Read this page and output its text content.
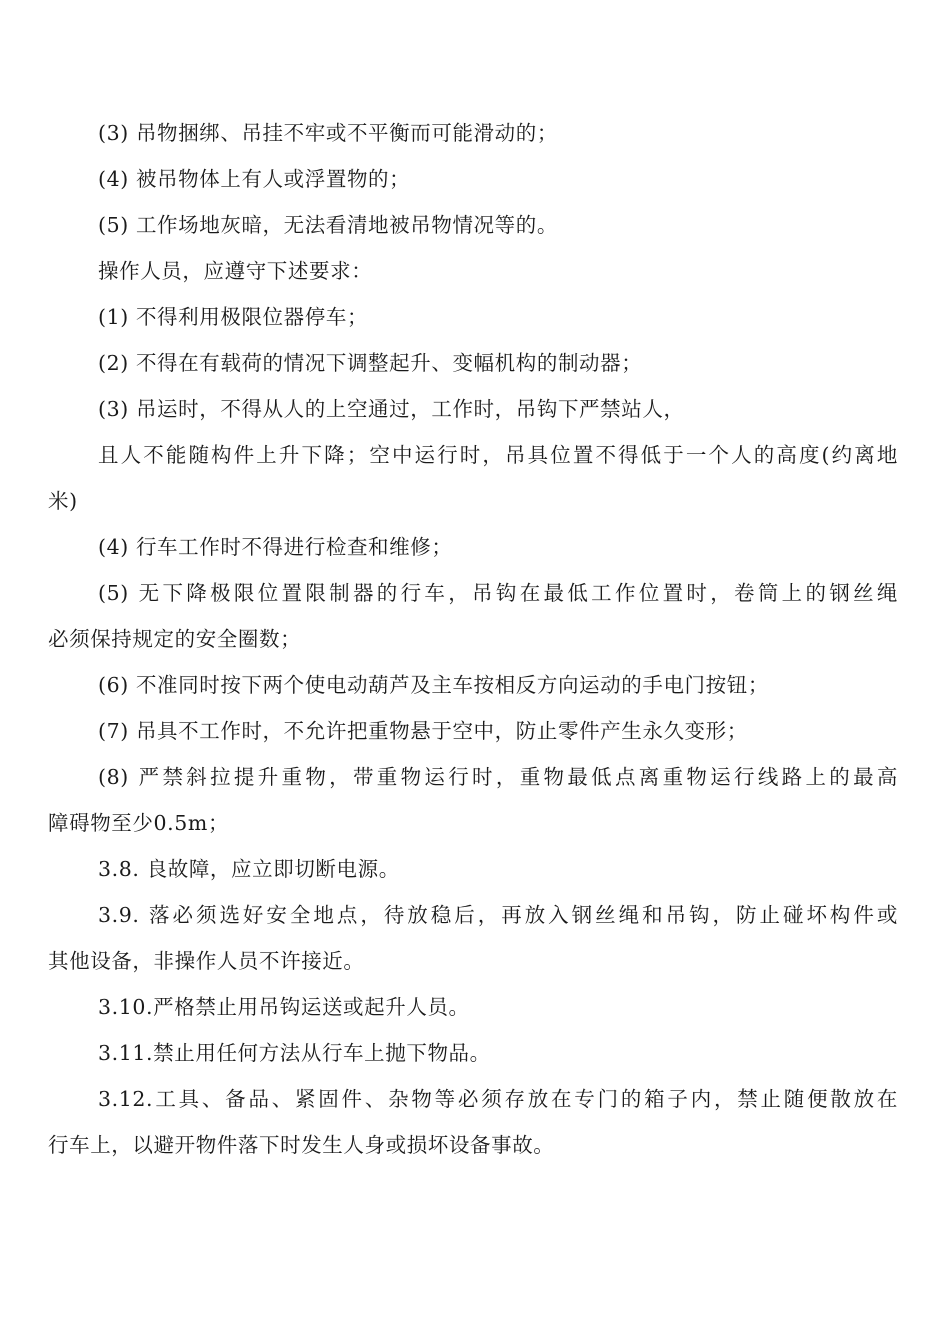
(3) 吊物捆绑、吊挂不牢或不平衡而可能滑动的；
(4) 被吊物体上有人或浮置物的；
(5) 工作场地灰暗，无法看清地被吊物情况等的。
操作人员，应遵守下述要求：
(1) 不得利用极限位器停车；
(2) 不得在有载荷的情况下调整起升、变幅机构的制动器；
(3) 吊运时，不得从人的上空通过，工作时，吊钩下严禁站人，
且人不能随构件上升下降；空中运行时，吊具位置不得低于一个人的高度(约离地
米)
(4) 行车工作时不得进行检查和维修；
(5) 无下降极限位置限制器的行车，吊钩在最低工作位置时，卷筒上的钢丝绳
必须保持规定的安全圈数；
(6) 不准同时按下两个使电动葫芦及主车按相反方向运动的手电门按钮；
(7) 吊具不工作时，不允许把重物悬于空中，防止零件产生永久变形；
(8) 严禁斜拉提升重物，带重物运行时，重物最低点离重物运行线路上的最高
障碍物至少0.5m；
3.8. 良故障，应立即切断电源。
3.9. 落必须选好安全地点，待放稳后，再放入钢丝绳和吊钩，防止碰坏构件或
其他设备，非操作人员不许接近。
3.10.严格禁止用吊钩运送或起升人员。
3.11.禁止用任何方法从行车上抛下物品。
3.12.工具、备品、紧固件、杂物等必须存放在专门的箱子内，禁止随便散放在
行车上，以避开物件落下时发生人身或损坏设备事故。
